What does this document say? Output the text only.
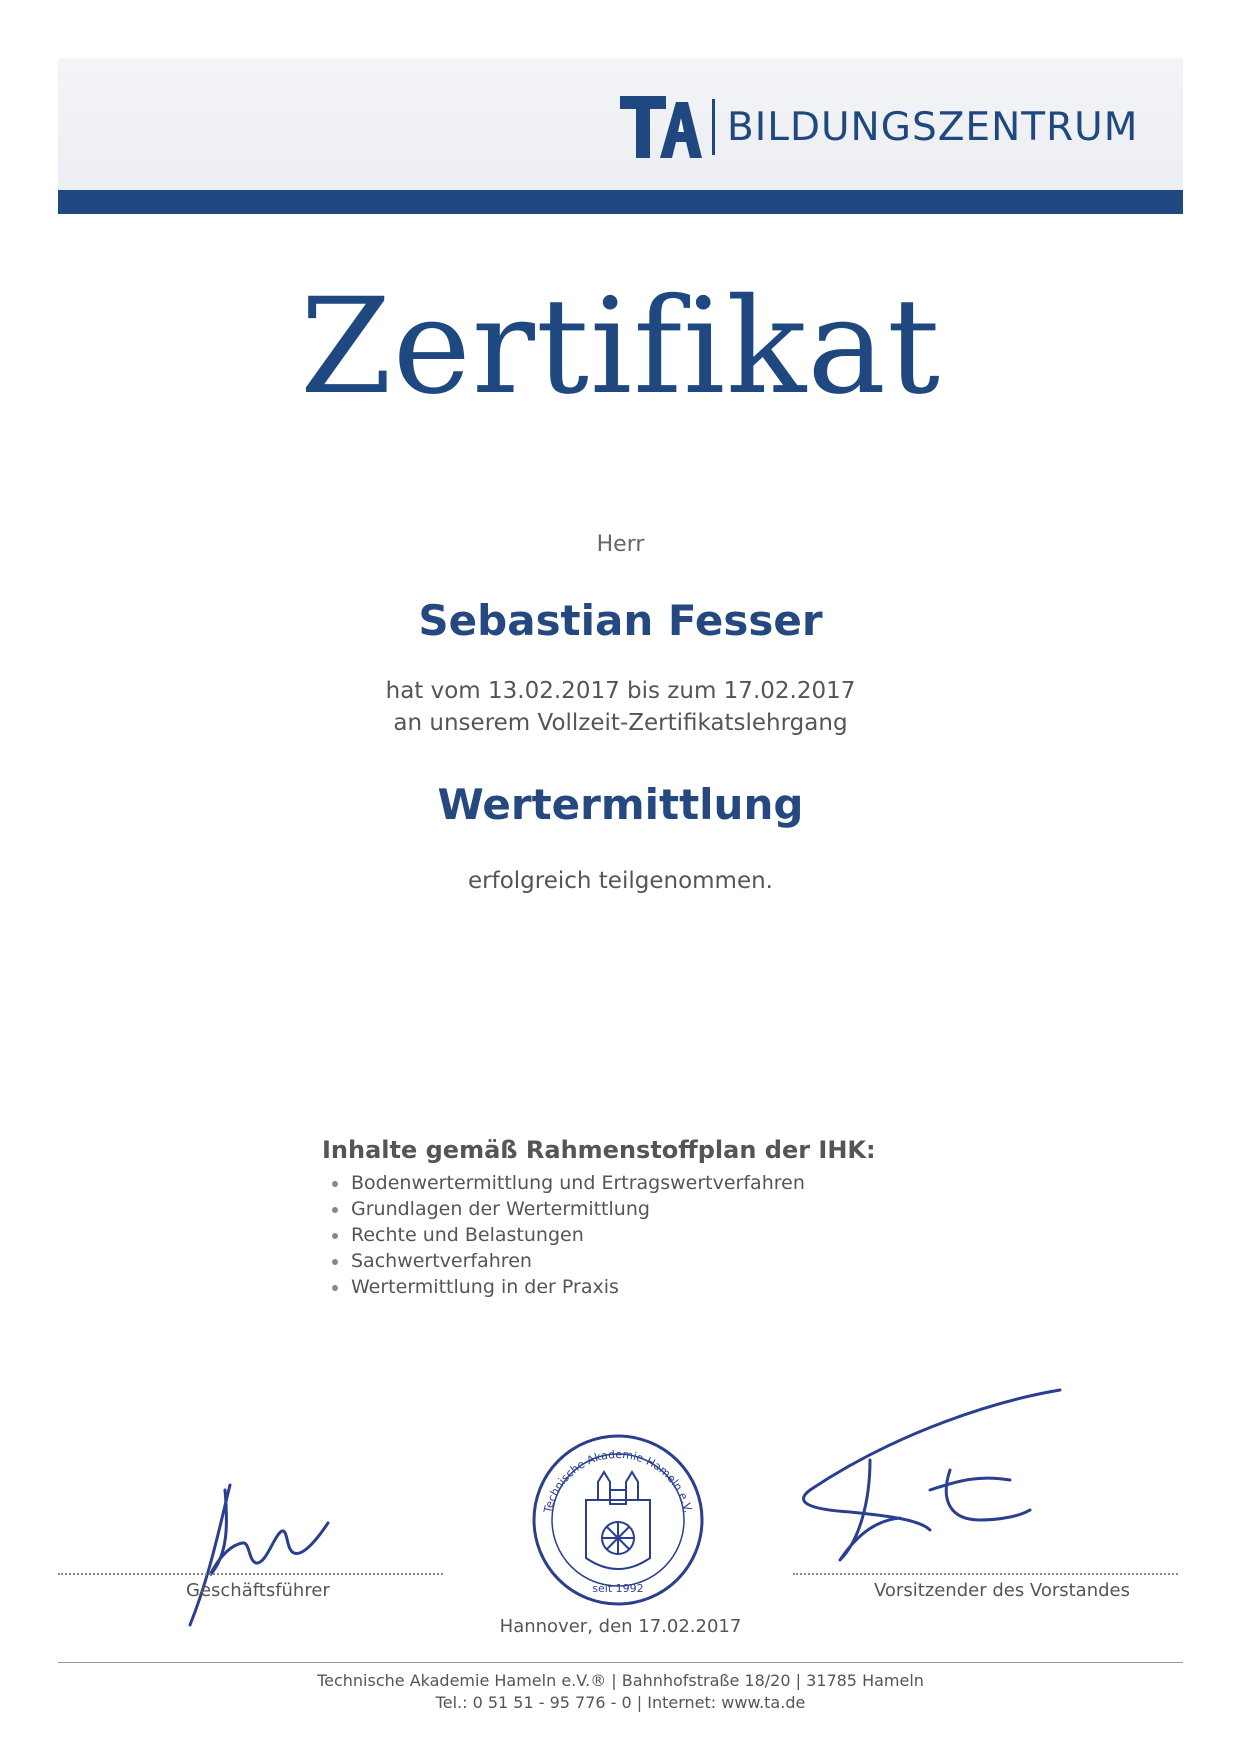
BILDUNGSZENTRUM
Zertifikat
Herr
Sebastian Fesser
hat vom 13.02.2017 bis zum 17.02.2017
an unserem Vollzeit-Zertifikatslehrgang
Wertermittlung
erfolgreich teilgenommen.
Inhalte gemäß Rahmenstoffplan der IHK:
Bodenwertermittlung und Ertragswertverfahren
Grundlagen der Wertermittlung
Rechte und Belastungen
Sachwertverfahren
Wertermittlung in der Praxis
Geschäftsführer
Technische Akademie Hameln e.V.
seit 1992	Vorsitzender des Vorstandes
Hannover, den 17.02.2017
Technische Akademie Hameln e.V.® | Bahnhofstraße 18/20 | 31785 Hameln
Tel.: 0 51 51 - 95 776 - 0 | Internet: www.ta.de
